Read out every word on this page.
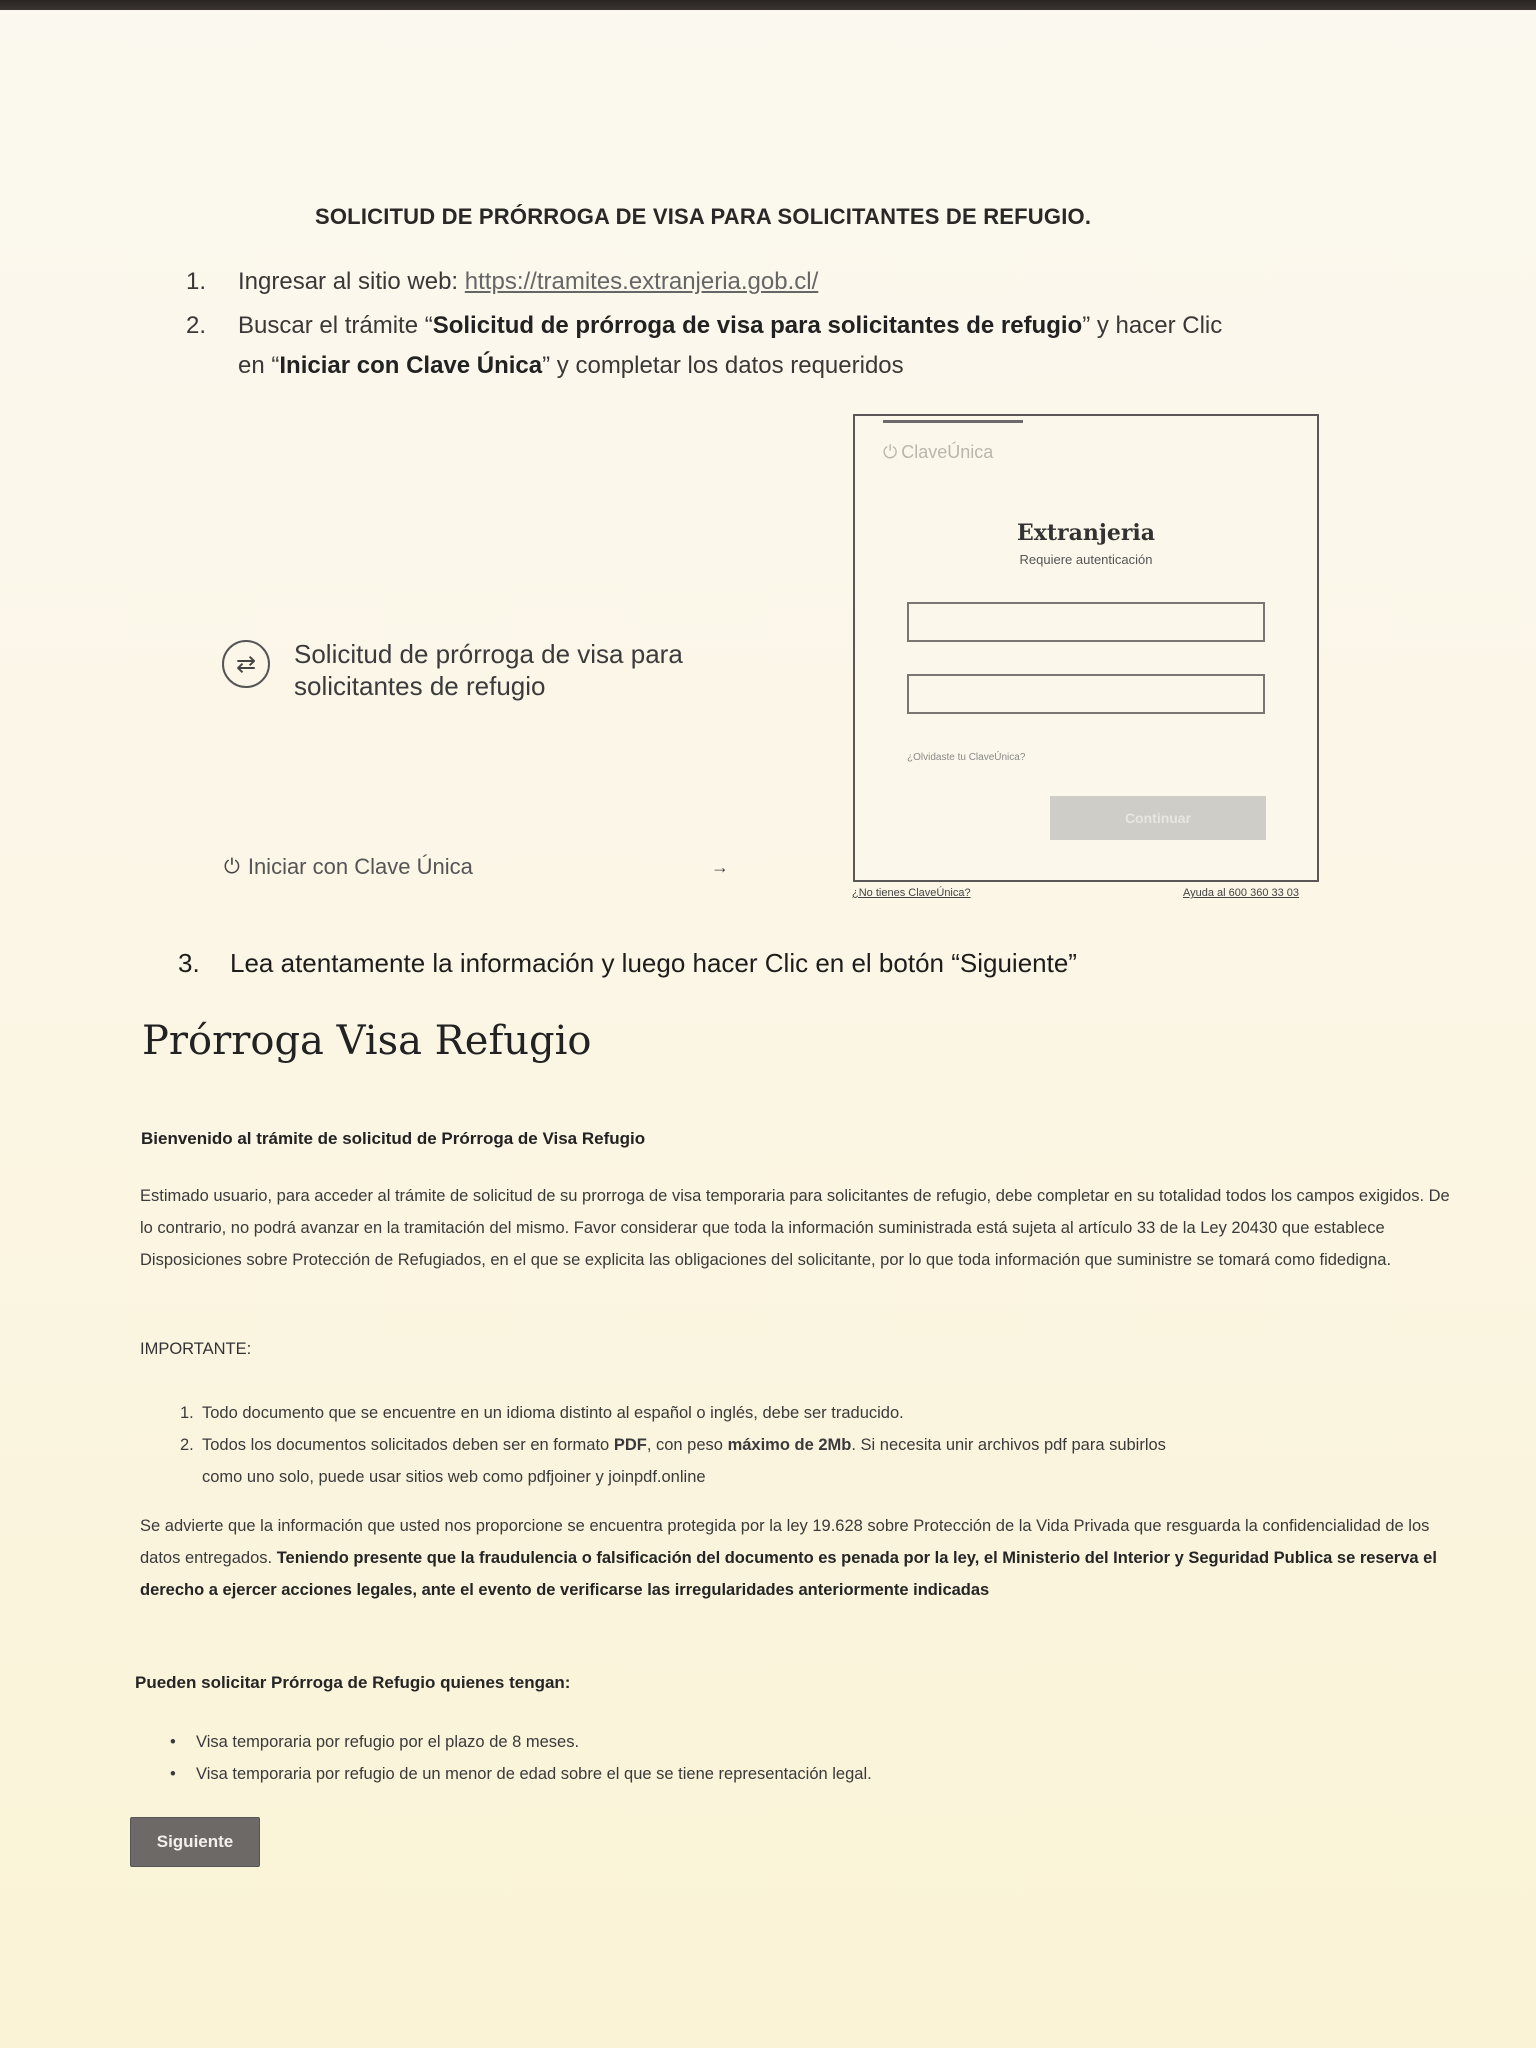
SOLICITUD DE PRÓRROGA DE VISA PARA SOLICITANTES DE REFUGIO.
1. Ingresar al sitio web: https://tramites.extranjeria.gob.cl/
2. Buscar el trámite “Solicitud de prórroga de visa para solicitantes de refugio” y hacer Clic
en “Iniciar con Clave Única” y completar los datos requeridos
⇄	Solicitud de prórroga de visa para solicitantes de refugio
⏻ Iniciar con Clave Única	→
⏻ ClaveÚnica
Extranjeria
Requiere autenticación
¿Olvidaste tu ClaveÚnica?
Continuar
¿No tienes ClaveÚnica?	Ayuda al 600 360 33 03
3. Lea atentamente la información y luego hacer Clic en el botón “Siguiente”
Prórroga Visa Refugio
Bienvenido al trámite de solicitud de Prórroga de Visa Refugio
Estimado usuario, para acceder al trámite de solicitud de su prorroga de visa temporaria para solicitantes de refugio, debe completar en su totalidad todos los campos exigidos. De lo contrario, no podrá avanzar en la tramitación del mismo. Favor considerar que toda la información suministrada está sujeta al artículo 33 de la Ley 20430 que establece Disposiciones sobre Protección de Refugiados, en el que se explicita las obligaciones del solicitante, por lo que toda información que suministre se tomará como fidedigna.
IMPORTANTE:
1. Todo documento que se encuentre en un idioma distinto al español o inglés, debe ser traducido.
2. Todos los documentos solicitados deben ser en formato PDF, con peso máximo de 2Mb. Si necesita unir archivos pdf para subirlos
como uno solo, puede usar sitios web como pdfjoiner y joinpdf.online
Se advierte que la información que usted nos proporcione se encuentra protegida por la ley 19.628 sobre Protección de la Vida Privada que resguarda la confidencialidad de los datos entregados. Teniendo presente que la fraudulencia o falsificación del documento es penada por la ley, el Ministerio del Interior y Seguridad Publica se reserva el derecho a ejercer acciones legales, ante el evento de verificarse las irregularidades anteriormente indicadas
Pueden solicitar Prórroga de Refugio quienes tengan:
• Visa temporaria por refugio por el plazo de 8 meses.
• Visa temporaria por refugio de un menor de edad sobre el que se tiene representación legal.
Siguiente
